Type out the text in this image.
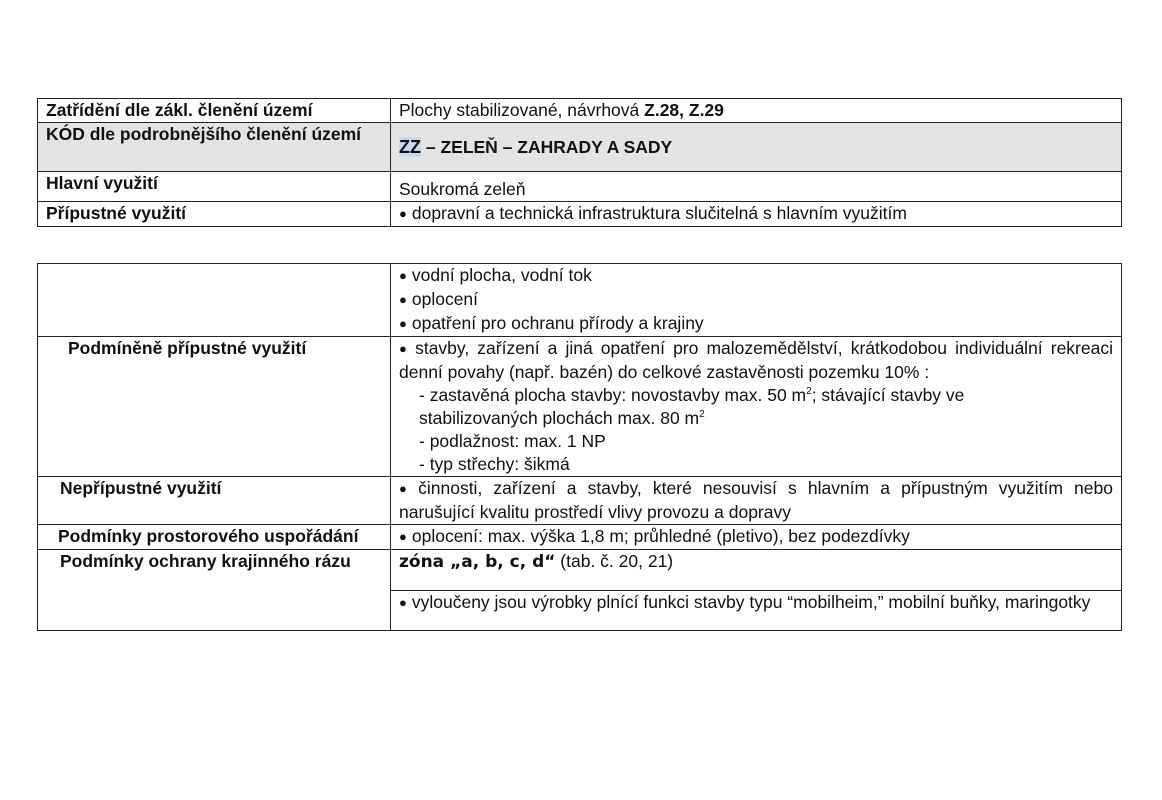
Zatřídění dle zákl. členění území	Plochy stabilizované, návrhová Z.28, Z.29
KÓD dle podrobnějšího členění území	ZZ – ZELEŇ – ZAHRADY A SADY
Hlavní využití	Soukromá zeleň
Přípustné využití	● dopravní a technická infrastruktura slučitelná s hlavním využitím

	● vodní plocha, vodní tok
● oplocení
● opatření pro ochranu přírody a krajiny

Podmíněně přípustné využití	● stavby, zařízení a jiná opatření pro malozemědělství, krátkodobou individuální rekreaci denní povahy (např. bazén) do celkové zastavěnosti pozemku 10% :
- zastavěná plocha stavby: novostavby max. 50 $m^2$; stávající stavby ve
stabilizovaných plochách max. 80 $m^2$
- podlažnost: max. 1 NP
- typ střechy: šikmá

Nepřípustné využití	● činnosti, zařízení a stavby, které nesouvisí s hlavním a přípustným využitím nebo narušující kvalitu prostředí vlivy provozu a dopravy

Podmínky prostorového uspořádání	● oplocení: max. výška 1,8 m; průhledné (pletivo), bez podezdívky

Podmínky ochrany krajinného rázu	zóna „a, b, c, d“ (tab. č. 20, 21)

	● vyloučeny jsou výrobky plnící funkci stavby typu “mobilheim,” mobilní buňky, maringotky
